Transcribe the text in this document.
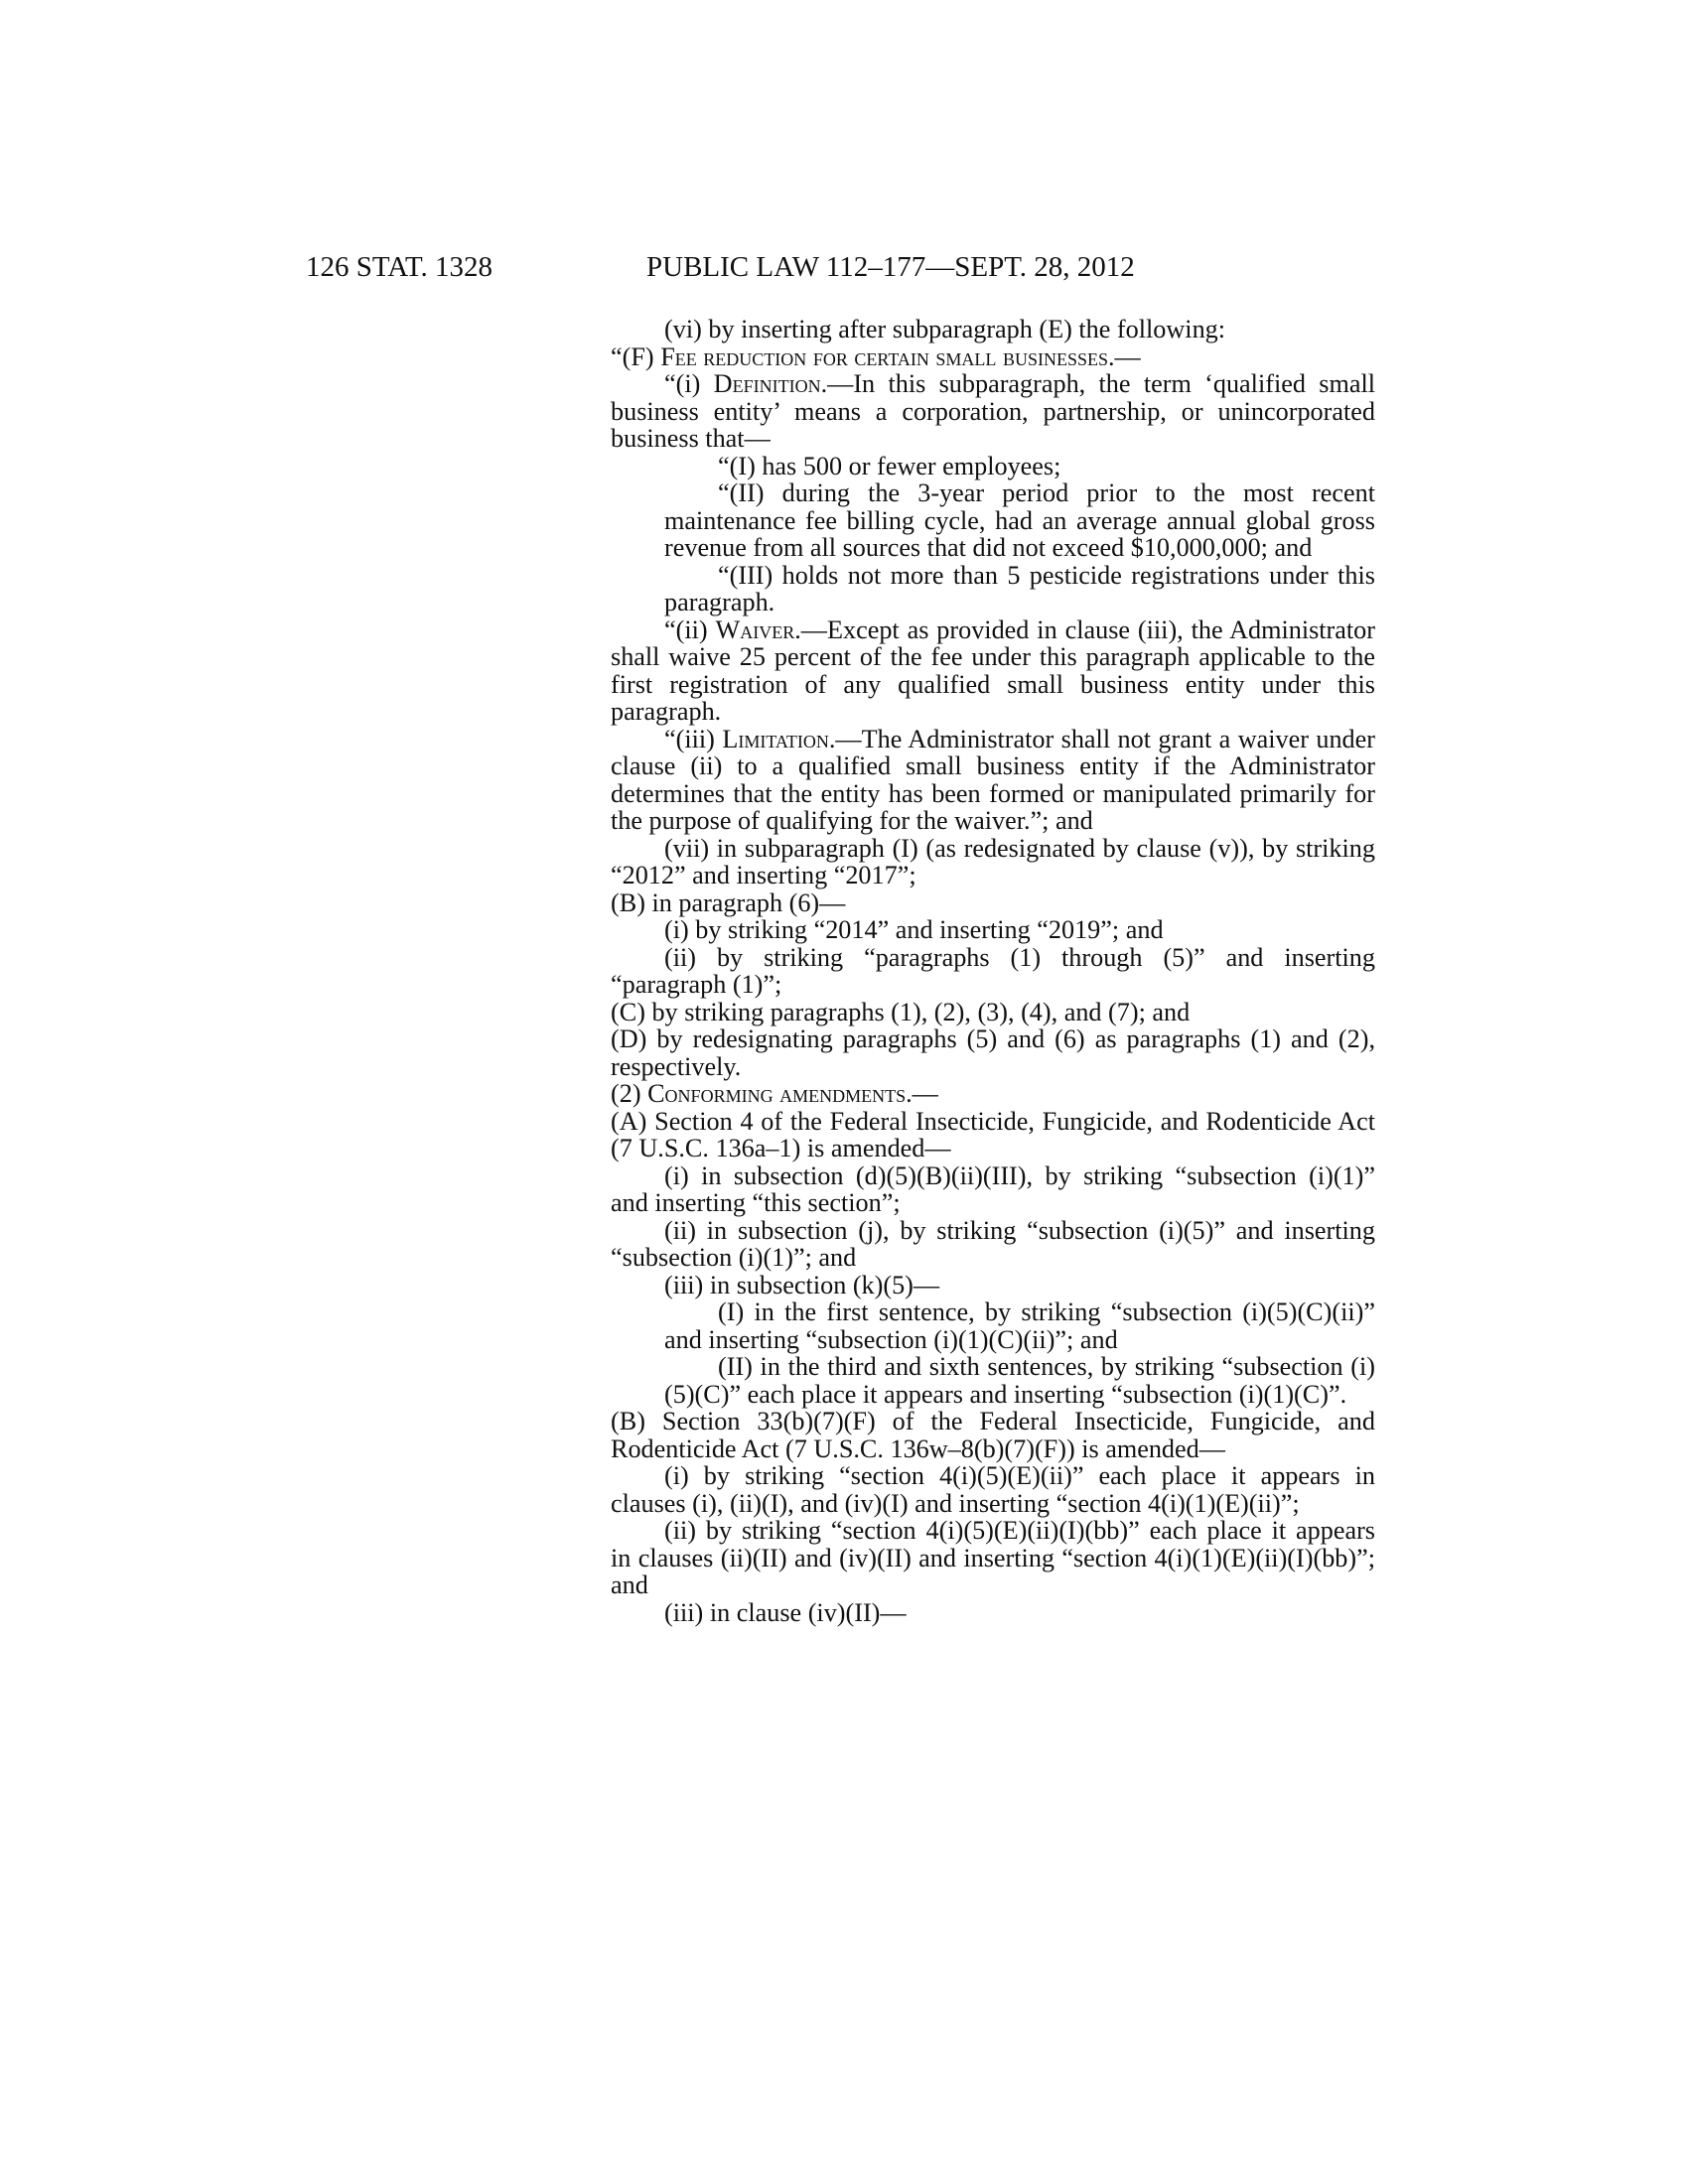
126 STAT. 1328	PUBLIC LAW 112–177—SEPT. 28, 2012

(vi) by inserting after subparagraph (E) the following:

“(F) Fee reduction for certain small businesses.—

“(i) Definition.—In this subparagraph, the term ‘qualified small business entity’ means a corporation, partnership, or unincorporated business that—

“(I) has 500 or fewer employees;

“(II) during the 3-year period prior to the most recent maintenance fee billing cycle, had an average annual global gross revenue from all sources that did not exceed $10,000,000; and

“(III) holds not more than 5 pesticide registrations under this paragraph.

“(ii) Waiver.—Except as provided in clause (iii), the Administrator shall waive 25 percent of the fee under this paragraph applicable to the first registration of any qualified small business entity under this paragraph.

“(iii) Limitation.—The Administrator shall not grant a waiver under clause (ii) to a qualified small business entity if the Administrator determines that the entity has been formed or manipulated primarily for the purpose of qualifying for the waiver.”; and

(vii) in subparagraph (I) (as redesignated by clause (v)), by striking “2012” and inserting “2017”;

(B) in paragraph (6)—

(i) by striking “2014” and inserting “2019”; and

(ii) by striking “paragraphs (1) through (5)” and inserting “paragraph (1)”;

(C) by striking paragraphs (1), (2), (3), (4), and (7); and

(D) by redesignating paragraphs (5) and (6) as paragraphs (1) and (2), respectively.

(2) Conforming amendments.—

(A) Section 4 of the Federal Insecticide, Fungicide, and Rodenticide Act (7 U.S.C. 136a–1) is amended—

(i) in subsection (d)(5)(B)(ii)(III), by striking “subsection (i)(1)” and inserting “this section”;

(ii) in subsection (j), by striking “subsection (i)(5)” and inserting “subsection (i)(1)”; and

(iii) in subsection (k)(5)—

(I) in the first sentence, by striking “subsection (i)(5)(C)(ii)” and inserting “subsection (i)(1)(C)(ii)”; and

(II) in the third and sixth sentences, by striking “subsection (i)(5)(C)” each place it appears and inserting “subsection (i)(1)(C)”.

(B) Section 33(b)(7)(F) of the Federal Insecticide, Fungicide, and Rodenticide Act (7 U.S.C. 136w–8(b)(7)(F)) is amended—

(i) by striking “section 4(i)(5)(E)(ii)” each place it appears in clauses (i), (ii)(I), and (iv)(I) and inserting “section 4(i)(1)(E)(ii)”;

(ii) by striking “section 4(i)(5)(E)(ii)(I)(bb)” each place it appears in clauses (ii)(II) and (iv)(II) and inserting “section 4(i)(1)(E)(ii)(I)(bb)”; and

(iii) in clause (iv)(II)—
